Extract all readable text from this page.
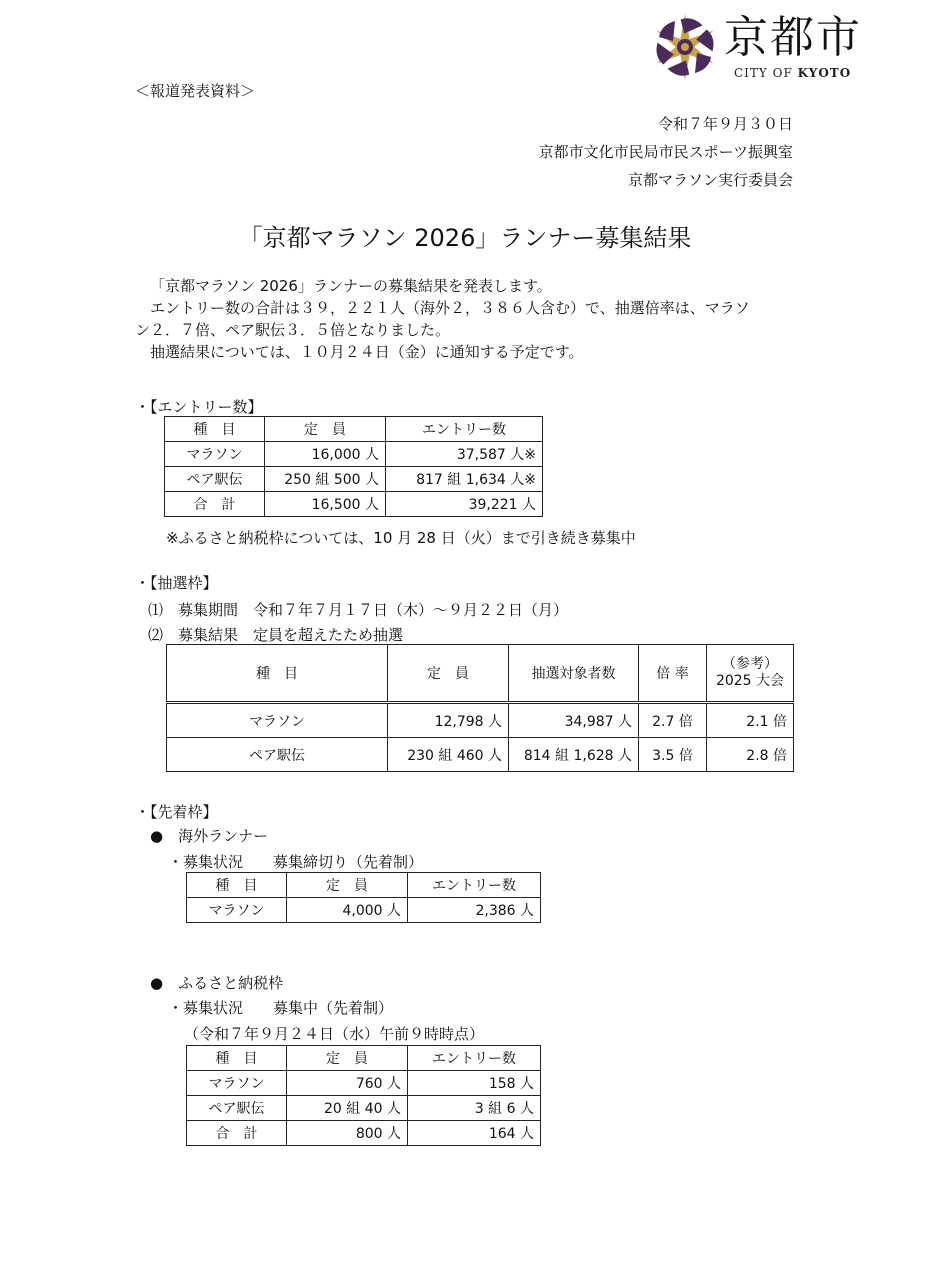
京都市
CITY OF KYOTO
＜報道発表資料＞
令和７年９月３０日
京都市文化市民局市民スポーツ振興室
京都マラソン実行委員会
「京都マラソン 2026」ランナー募集結果
「京都マラソン 2026」ランナーの募集結果を発表します。
エントリー数の合計は３９，２２１人（海外２，３８６人含む）で、抽選倍率は、マラソ
ン２．７倍、ペア駅伝３．５倍となりました。
抽選結果については、１０月２４日（金）に通知する予定です。
・【エントリー数】
種　目	定　員	エントリー数
マラソン	16,000 人	37,587 人※
ペア駅伝	250 組 500 人	817 組 1,634 人※
合　計	16,500 人	39,221 人
※ふるさと納税枠については、10 月 28 日（火）まで引き続き募集中
・【抽選枠】
⑴　募集期間　令和７年７月１７日（木）～９月２２日（月）
⑵　募集結果　定員を超えたため抽選
種　目	定　員	抽選対象者数	倍 率	（参考）
2025 大会

マラソン	12,798 人	34,987 人	2.7 倍	2.1 倍
ペア駅伝	230 組 460 人	814 組 1,628 人	3.5 倍	2.8 倍
・【先着枠】
●　海外ランナー
・募集状況　　募集締切り（先着制）
種　目	定　員	エントリー数
マラソン	4,000 人	2,386 人
●　ふるさと納税枠
・募集状況　　募集中（先着制）
（令和７年９月２４日（水）午前９時時点）
種　目	定　員	エントリー数
マラソン	760 人	158 人
ペア駅伝	20 組 40 人	3 組 6 人
合　計	800 人	164 人
